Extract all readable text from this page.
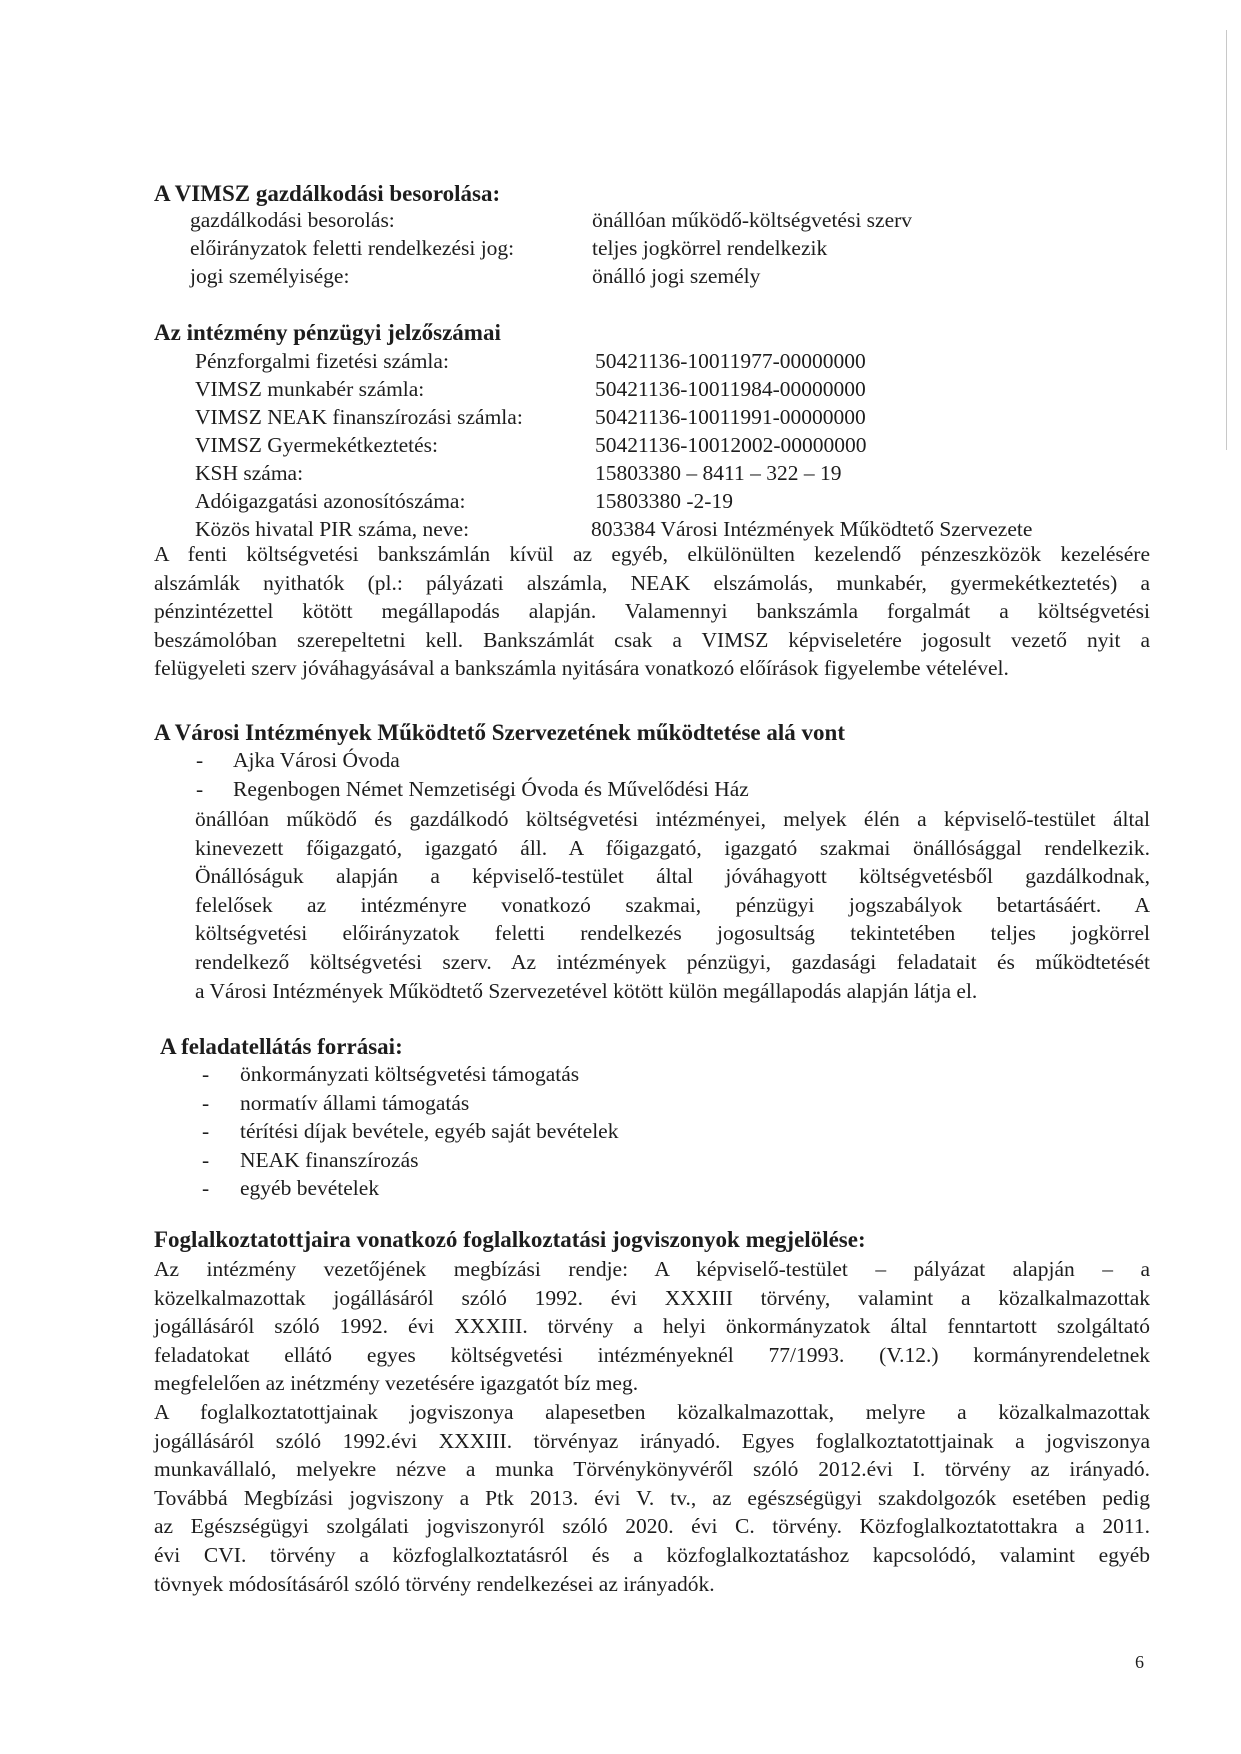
A VIMSZ gazdálkodási besorolása:
gazdálkodási besorolás:	önállóan működő-költségvetési szerv
előirányzatok feletti rendelkezési jog:	teljes jogkörrel rendelkezik
jogi személyisége:	önálló jogi személy
Az intézmény pénzügyi jelzőszámai
Pénzforgalmi fizetési számla:	50421136-10011977-00000000
VIMSZ munkabér számla:	50421136-10011984-00000000
VIMSZ NEAK finanszírozási számla:	50421136-10011991-00000000
VIMSZ Gyermekétkeztetés:	50421136-10012002-00000000
KSH száma:	15803380 – 8411 – 322 – 19
Adóigazgatási azonosítószáma:	15803380 -2-19
Közös hivatal PIR száma, neve:	803384 Városi Intézmények Működtető Szervezete
A fenti költségvetési bankszámlán kívül az egyéb, elkülönülten kezelendő pénzeszközök kezelésére
alszámlák nyithatók (pl.: pályázati alszámla, NEAK elszámolás, munkabér, gyermekétkeztetés) a
pénzintézettel kötött megállapodás alapján. Valamennyi bankszámla forgalmát a költségvetési
beszámolóban szerepeltetni kell. Bankszámlát csak a VIMSZ képviseletére jogosult vezető nyit a
felügyeleti szerv jóváhagyásával a bankszámla nyitására vonatkozó előírások figyelembe vételével.
A Városi Intézmények Működtető Szervezetének működtetése alá vont
- Ajka Városi Óvoda
- Regenbogen Német Nemzetiségi Óvoda és Művelődési Ház
önállóan működő és gazdálkodó költségvetési intézményei, melyek élén a képviselő-testület által
kinevezett főigazgató, igazgató áll. A főigazgató, igazgató szakmai önállósággal rendelkezik.
Önállóságuk alapján a képviselő-testület által jóváhagyott költségvetésből gazdálkodnak,
felelősek az intézményre vonatkozó szakmai, pénzügyi jogszabályok betartásáért. A
költségvetési előirányzatok feletti rendelkezés jogosultság tekintetében teljes jogkörrel
rendelkező költségvetési szerv. Az intézmények pénzügyi, gazdasági feladatait és működtetését
a Városi Intézmények Működtető Szervezetével kötött külön megállapodás alapján látja el.
A feladatellátás forrásai:
- önkormányzati költségvetési támogatás
- normatív állami támogatás
- térítési díjak bevétele, egyéb saját bevételek
- NEAK finanszírozás
- egyéb bevételek
Foglalkoztatottjaira vonatkozó foglalkoztatási jogviszonyok megjelölése:
Az intézmény vezetőjének megbízási rendje: A képviselő-testület – pályázat alapján – a
közelkalmazottak jogállásáról szóló 1992. évi XXXIII törvény, valamint a közalkalmazottak
jogállásáról szóló 1992. évi XXXIII. törvény a helyi önkormányzatok által fenntartott szolgáltató
feladatokat ellátó egyes költségvetési intézményeknél 77/1993. (V.12.) kormányrendeletnek
megfelelően az inétzmény vezetésére igazgatót bíz meg.
A foglalkoztatottjainak jogviszonya alapesetben közalkalmazottak, melyre a közalkalmazottak
jogállásáról szóló 1992.évi XXXIII. törvényaz irányadó. Egyes foglalkoztatottjainak a jogviszonya
munkavállaló, melyekre nézve a munka Törvénykönyvéről szóló 2012.évi I. törvény az irányadó.
Továbbá Megbízási jogviszony a Ptk 2013. évi V. tv., az egészségügyi szakdolgozók esetében pedig
az Egészségügyi szolgálati jogviszonyról szóló 2020. évi C. törvény. Közfoglalkoztatottakra a 2011.
évi CVI. törvény a közfoglalkoztatásról és a közfoglalkoztatáshoz kapcsolódó, valamint egyéb
tövnyek módosításáról szóló törvény rendelkezései az irányadók.
6
